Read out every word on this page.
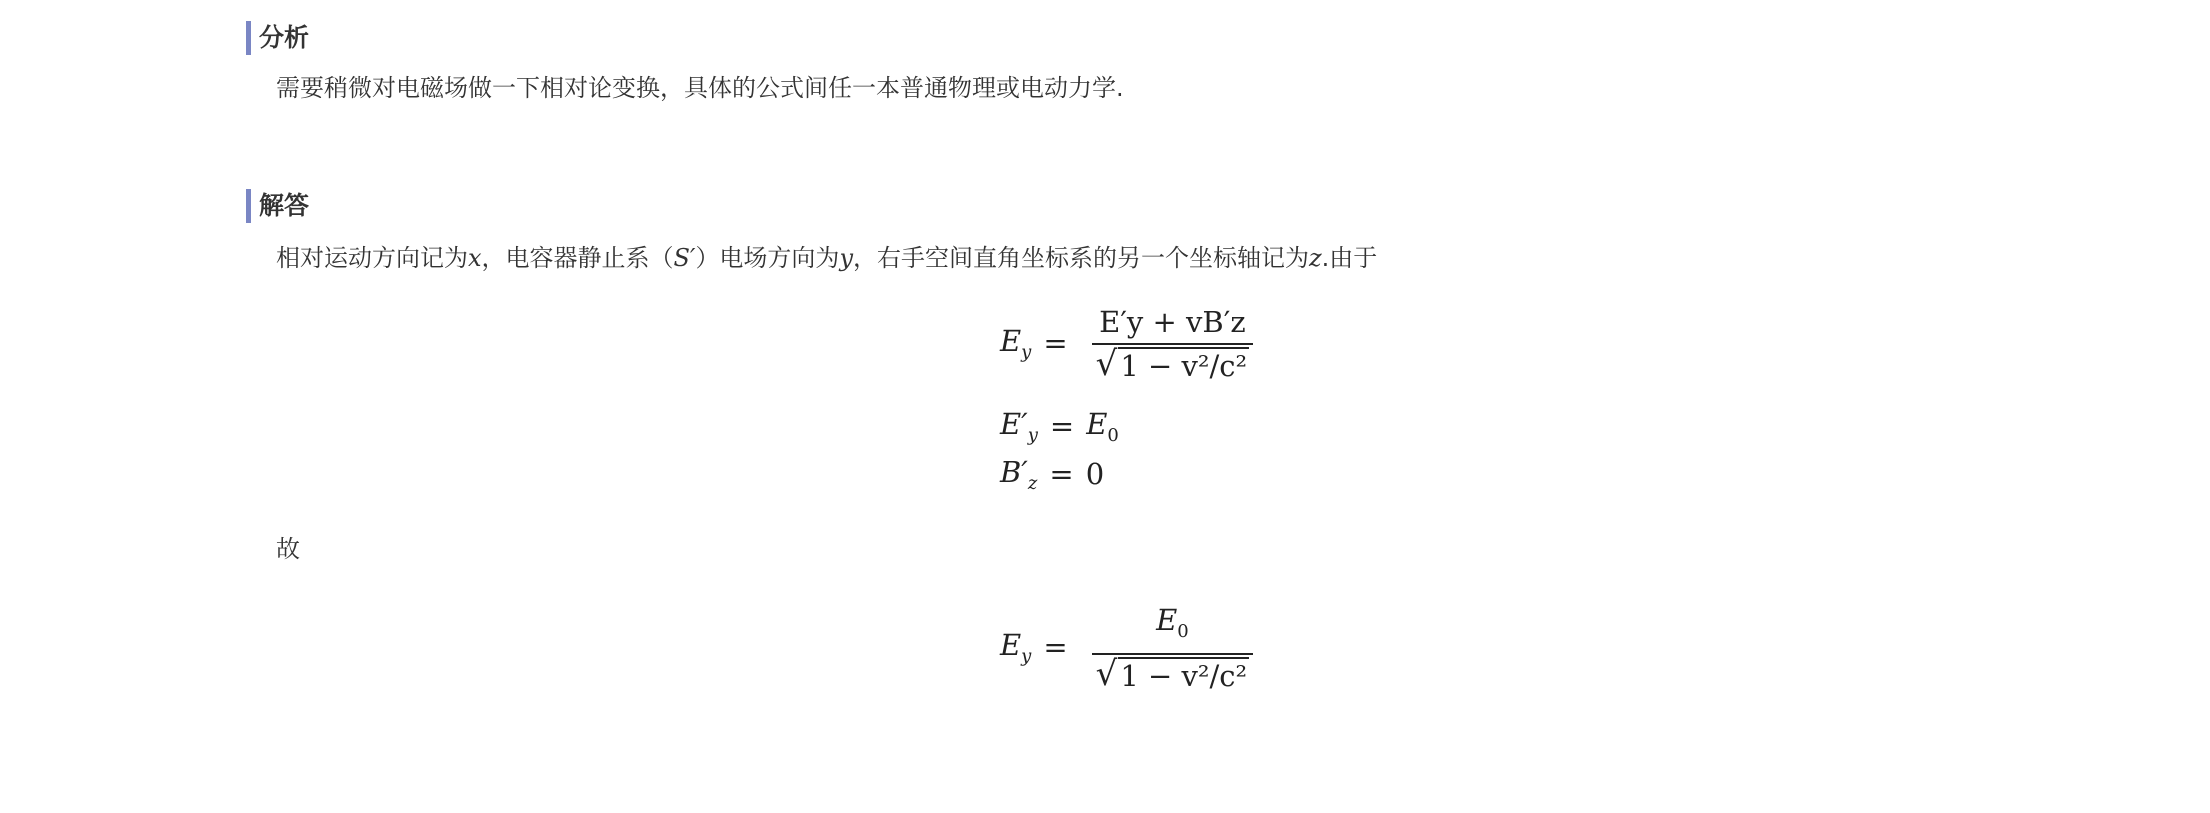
分析
需要稍微对电磁场做一下相对论变换，具体的公式间任一本普通物理或电动力学.
解答
相对运动方向记为x，电容器静止系（S′）电场方向为y，右手空间直角坐标系的另一个坐标轴记为z.由于
$E_y = \frac{E'y + vB'z}{\text{√ 1 − v²/c²}}$
$E'_y = E_0$
$B'_z = 0$
故
$E_y = \frac{E_0}{\text{√ 1 − v²/c²}}$
